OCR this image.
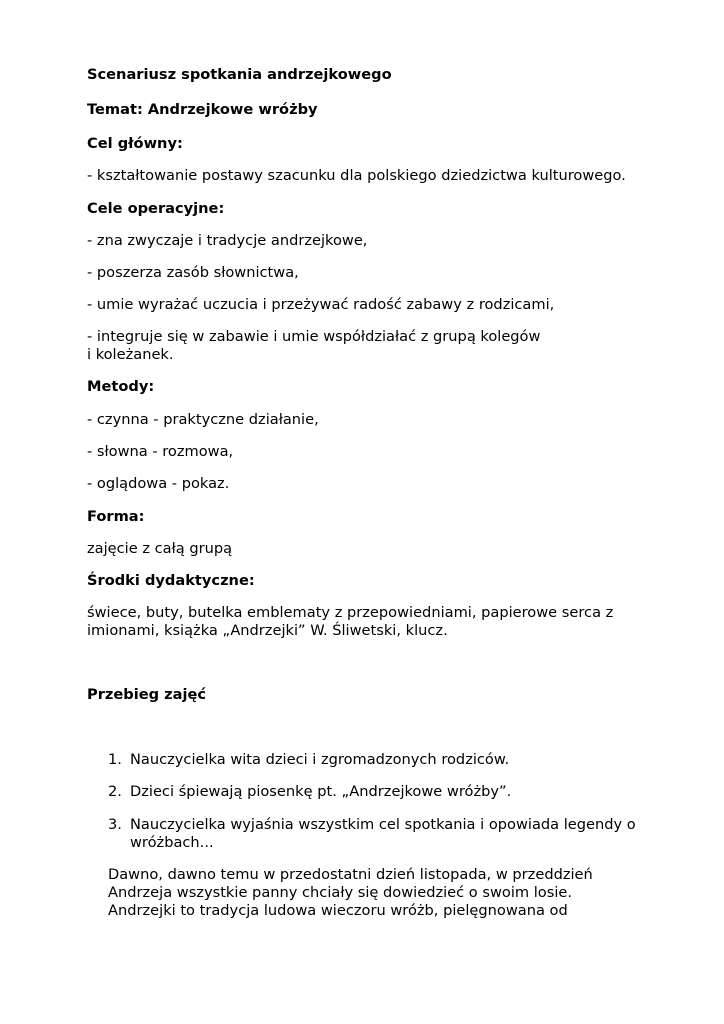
Scenariusz spotkania andrzejkowego

Temat: Andrzejkowe wróżby

Cel główny:

- kształtowanie postawy szacunku dla polskiego dziedzictwa kulturowego.

Cele operacyjne:

- zna zwyczaje i tradycje andrzejkowe,

- poszerza zasób słownictwa,

- umie wyrażać uczucia i przeżywać radość zabawy z rodzicami,

- integruje się w zabawie i umie współdziałać z grupą kolegów

i koleżanek.

Metody:

- czynna - praktyczne działanie,

- słowna - rozmowa,

- oglądowa - pokaz.

Forma:

zajęcie z całą grupą

Środki dydaktyczne:

świece, buty, butelka emblematy z przepowiedniami, papierowe serca z

imionami, książka „Andrzejki” W. Śliwetski, klucz.

Przebieg zajęć

1. Nauczycielka wita dzieci i zgromadzonych rodziców.
2. Dzieci śpiewają piosenkę pt. „Andrzejkowe wróżby”.
3. Nauczycielka wyjaśnia wszystkim cel spotkania i opowiada legendy o
wróżbach...
Dawno, dawno temu w przedostatni dzień listopada, w przeddzień
Andrzeja wszystkie panny chciały się dowiedzieć o swoim losie.
Andrzejki to tradycja ludowa wieczoru wróżb, pielęgnowana od
